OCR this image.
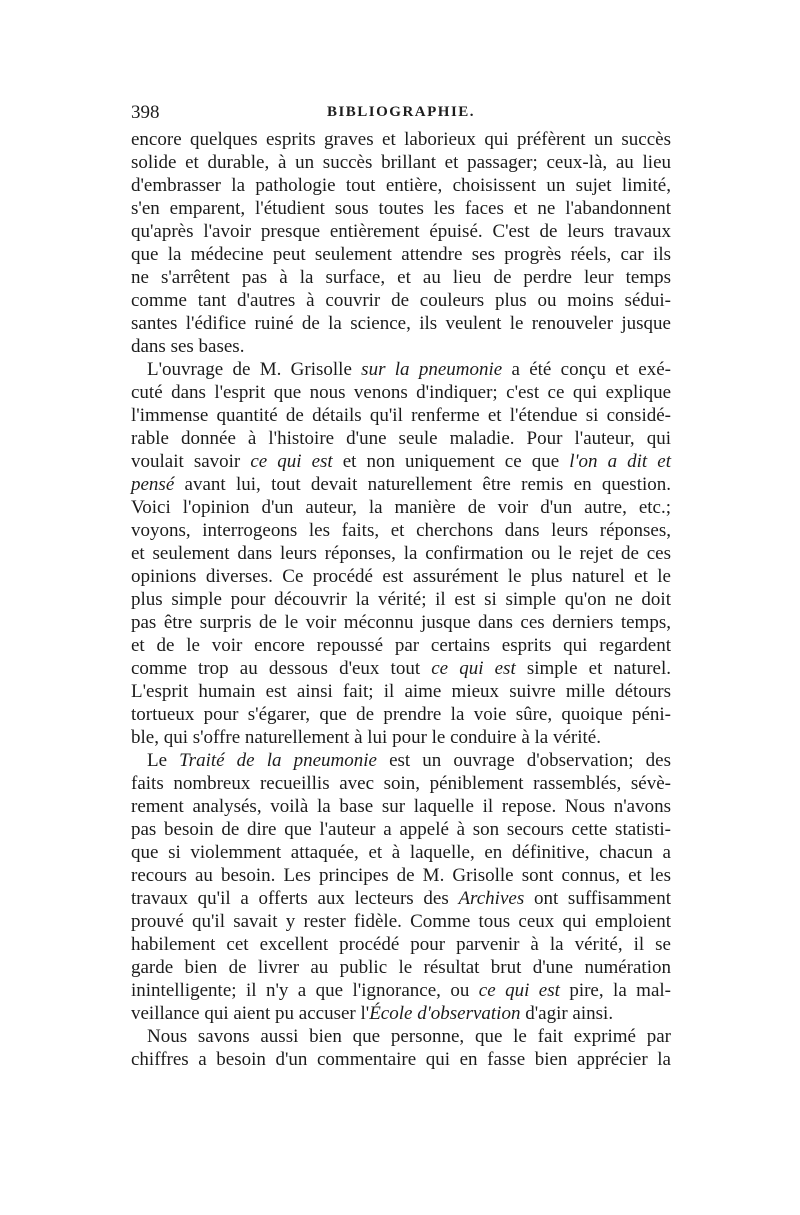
398	BIBLIOGRAPHIE.
encore quelques esprits graves et laborieux qui préfèrent un succès
solide et durable, à un succès brillant et passager; ceux-là, au lieu
d'embrasser la pathologie tout entière, choisissent un sujet limité,
s'en emparent, l'étudient sous toutes les faces et ne l'abandonnent
qu'après l'avoir presque entièrement épuisé. C'est de leurs travaux
que la médecine peut seulement attendre ses progrès réels, car ils
ne s'arrêtent pas à la surface, et au lieu de perdre leur temps
comme tant d'autres à couvrir de couleurs plus ou moins sédui-
santes l'édifice ruiné de la science, ils veulent le renouveler jusque
dans ses bases.
L'ouvrage de M. Grisolle sur la pneumonie a été conçu et exé-
cuté dans l'esprit que nous venons d'indiquer; c'est ce qui explique
l'immense quantité de détails qu'il renferme et l'étendue si considé-
rable donnée à l'histoire d'une seule maladie. Pour l'auteur, qui
voulait savoir ce qui est et non uniquement ce que l'on a dit et
pensé avant lui, tout devait naturellement être remis en question.
Voici l'opinion d'un auteur, la manière de voir d'un autre, etc.;
voyons, interrogeons les faits, et cherchons dans leurs réponses,
et seulement dans leurs réponses, la confirmation ou le rejet de ces
opinions diverses. Ce procédé est assurément le plus naturel et le
plus simple pour découvrir la vérité; il est si simple qu'on ne doit
pas être surpris de le voir méconnu jusque dans ces derniers temps,
et de le voir encore repoussé par certains esprits qui regardent
comme trop au dessous d'eux tout ce qui est simple et naturel.
L'esprit humain est ainsi fait; il aime mieux suivre mille détours
tortueux pour s'égarer, que de prendre la voie sûre, quoique péni-
ble, qui s'offre naturellement à lui pour le conduire à la vérité.
Le Traité de la pneumonie est un ouvrage d'observation; des
faits nombreux recueillis avec soin, péniblement rassemblés, sévè-
rement analysés, voilà la base sur laquelle il repose. Nous n'avons
pas besoin de dire que l'auteur a appelé à son secours cette statisti-
que si violemment attaquée, et à laquelle, en définitive, chacun a
recours au besoin. Les principes de M. Grisolle sont connus, et les
travaux qu'il a offerts aux lecteurs des Archives ont suffisamment
prouvé qu'il savait y rester fidèle. Comme tous ceux qui emploient
habilement cet excellent procédé pour parvenir à la vérité, il se
garde bien de livrer au public le résultat brut d'une numération
inintelligente; il n'y a que l'ignorance, ou ce qui est pire, la mal-
veillance qui aient pu accuser l'École d'observation d'agir ainsi.
Nous savons aussi bien que personne, que le fait exprimé par
chiffres a besoin d'un commentaire qui en fasse bien apprécier la
